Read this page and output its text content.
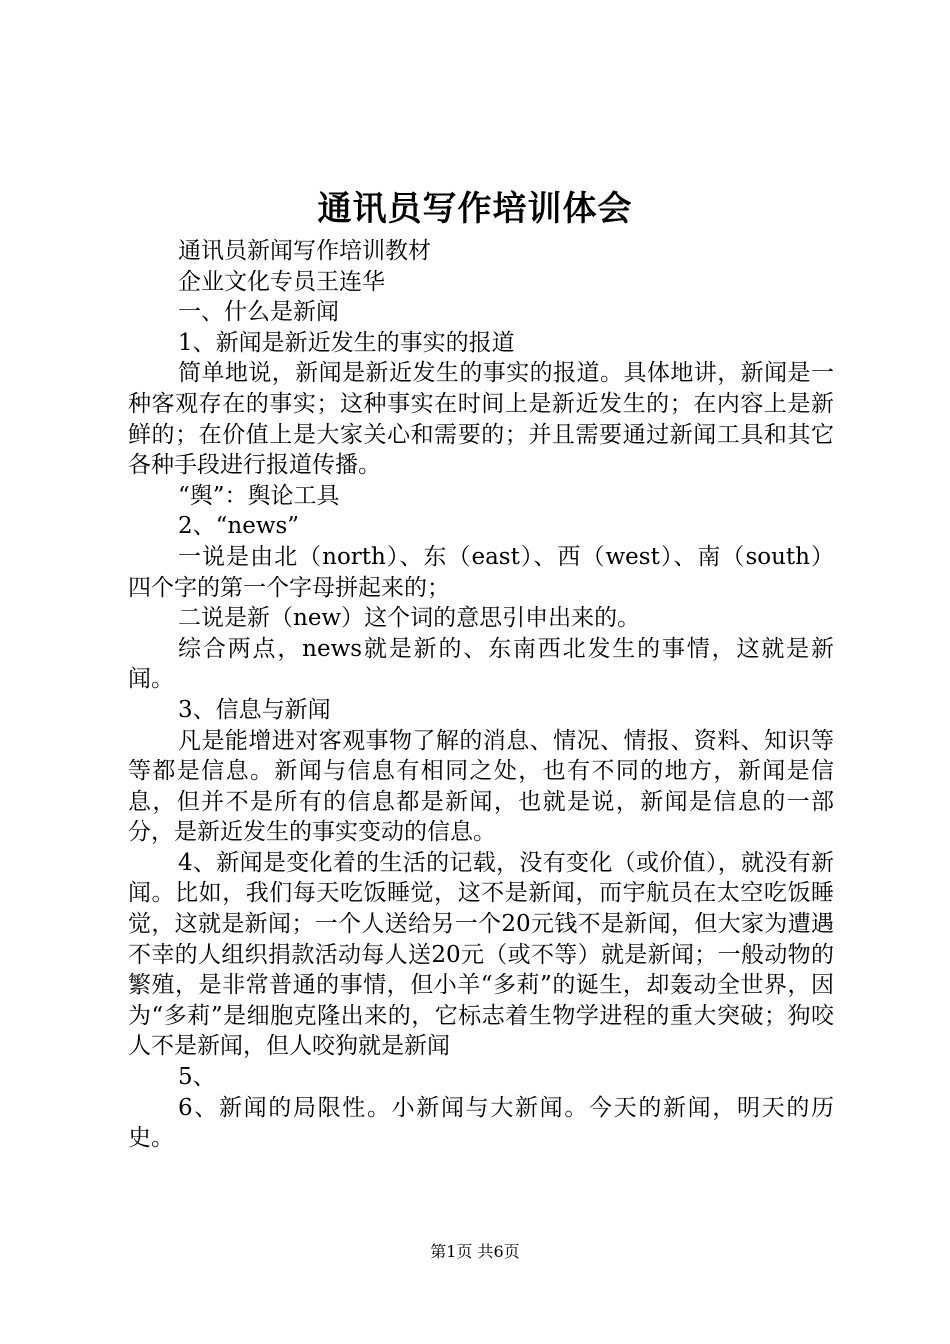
通讯员写作培训体会

通讯员新闻写作培训教材

企业文化专员王连华

一、什么是新闻

1、新闻是新近发生的事实的报道

简单地说，新闻是新近发生的事实的报道。具体地讲，新闻是一种客观存在的事实；这种事实在时间上是新近发生的；在内容上是新鲜的；在价值上是大家关心和需要的；并且需要通过新闻工具和其它各种手段进行报道传播。

“舆”：舆论工具

2、“news”

一说是由北（north）、东（east）、西（west）、南（south）四个字的第一个字母拼起来的；

二说是新（new）这个词的意思引申出来的。

综合两点，news就是新的、东南西北发生的事情，这就是新闻。

3、信息与新闻

凡是能增进对客观事物了解的消息、情况、情报、资料、知识等等都是信息。新闻与信息有相同之处，也有不同的地方，新闻是信息，但并不是所有的信息都是新闻，也就是说，新闻是信息的一部分，是新近发生的事实变动的信息。

4、新闻是变化着的生活的记载，没有变化（或价值），就没有新闻。比如，我们每天吃饭睡觉，这不是新闻，而宇航员在太空吃饭睡觉，这就是新闻；一个人送给另一个20元钱不是新闻，但大家为遭遇不幸的人组织捐款活动每人送20元（或不等）就是新闻；一般动物的繁殖，是非常普通的事情，但小羊“多莉”的诞生，却轰动全世界，因为“多莉”是细胞克隆出来的，它标志着生物学进程的重大突破；狗咬人不是新闻，但人咬狗就是新闻

5、

6、新闻的局限性。小新闻与大新闻。今天的新闻，明天的历史。

第1页 共6页
